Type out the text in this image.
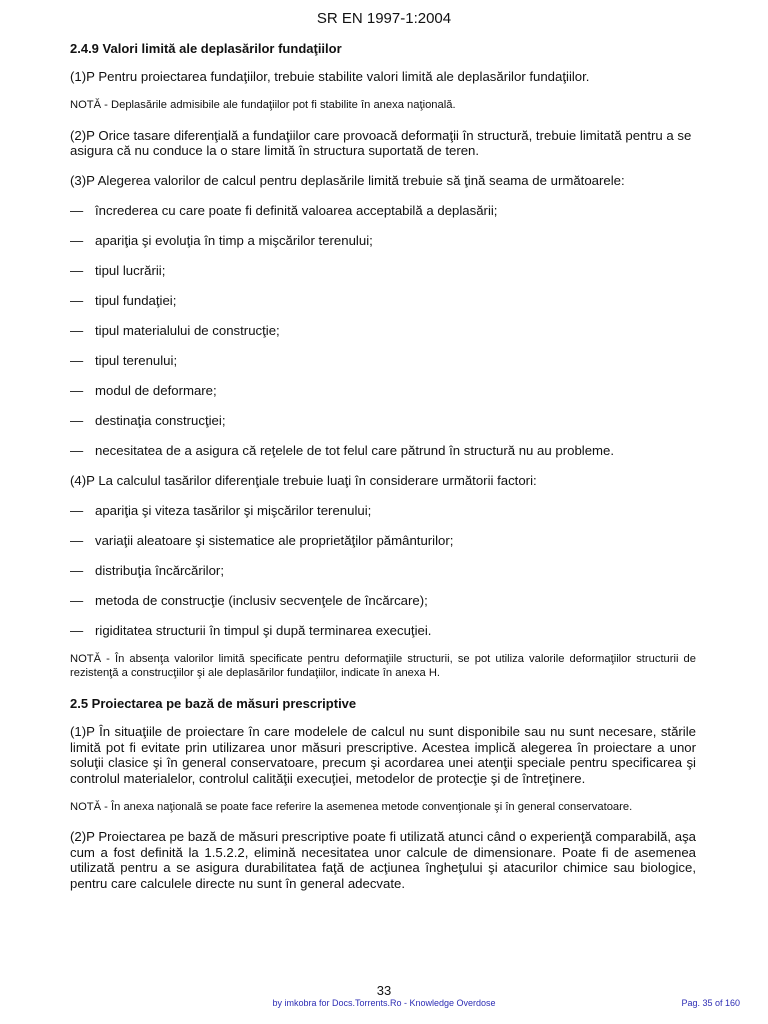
SR EN 1997-1:2004
2.4.9 Valori limită ale deplasărilor fundaţiilor
(1)P Pentru proiectarea fundaţiilor, trebuie stabilite valori limită ale deplasărilor fundaţiilor.
NOTĂ - Deplasările admisibile ale fundaţiilor pot fi stabilite în anexa naţională.
(2)P Orice tasare diferenţială a fundaţiilor care provoacă deformaţii în structură, trebuie limitată pentru a se asigura că nu conduce la o stare limită în structura suportată de teren.
(3)P Alegerea valorilor de calcul pentru deplasările limită trebuie să ţină seama de următoarele:
— încrederea cu care poate fi definită valoarea acceptabilă a deplasării;
— apariţia şi evoluţia în timp a mişcărilor terenului;
— tipul lucrării;
— tipul fundaţiei;
— tipul materialului de construcţie;
— tipul terenului;
— modul de deformare;
— destinaţia construcţiei;
— necesitatea de a asigura că reţelele de tot felul care pătrund în structură nu au probleme.
(4)P La calculul tasărilor diferenţiale trebuie luaţi în considerare următorii factori:
— apariţia şi viteza tasărilor şi mişcărilor terenului;
— variaţii aleatoare şi sistematice ale proprietăţilor pământurilor;
— distribuţia încărcărilor;
— metoda de construcţie (inclusiv secvenţele de încărcare);
— rigiditatea structurii în timpul şi după terminarea execuţiei.
NOTĂ - În absenţa valorilor limită specificate pentru deformaţiile structurii, se pot utiliza valorile deformaţiilor structurii de rezistenţă a construcţiilor şi ale deplasărilor fundaţiilor, indicate în anexa H.
2.5 Proiectarea pe bază de măsuri prescriptive
(1)P În situaţiile de proiectare în care modelele de calcul nu sunt disponibile sau nu sunt necesare, stările limită pot fi evitate prin utilizarea unor măsuri prescriptive. Acestea implică alegerea în proiectare a unor soluţii clasice şi în general conservatoare, precum şi acordarea unei atenţii speciale pentru specificarea şi controlul materialelor, controlul calităţii execuţiei, metodelor de protecţie şi de întreţinere.
NOTĂ - În anexa naţională se poate face referire la asemenea metode convenţionale şi în general conservatoare.
(2)P Proiectarea pe bază de măsuri prescriptive poate fi utilizată atunci când o experienţă comparabilă, aşa cum a fost definită la 1.5.2.2, elimină necesitatea unor calcule de dimensionare. Poate fi de asemenea utilizată pentru a se asigura durabilitatea faţă de acţiunea îngheţului şi atacurilor chimice sau biologice, pentru care calculele directe nu sunt în general adecvate.
33
by imkobra for Docs.Torrents.Ro - Knowledge Overdose	Pag. 35 of 160
